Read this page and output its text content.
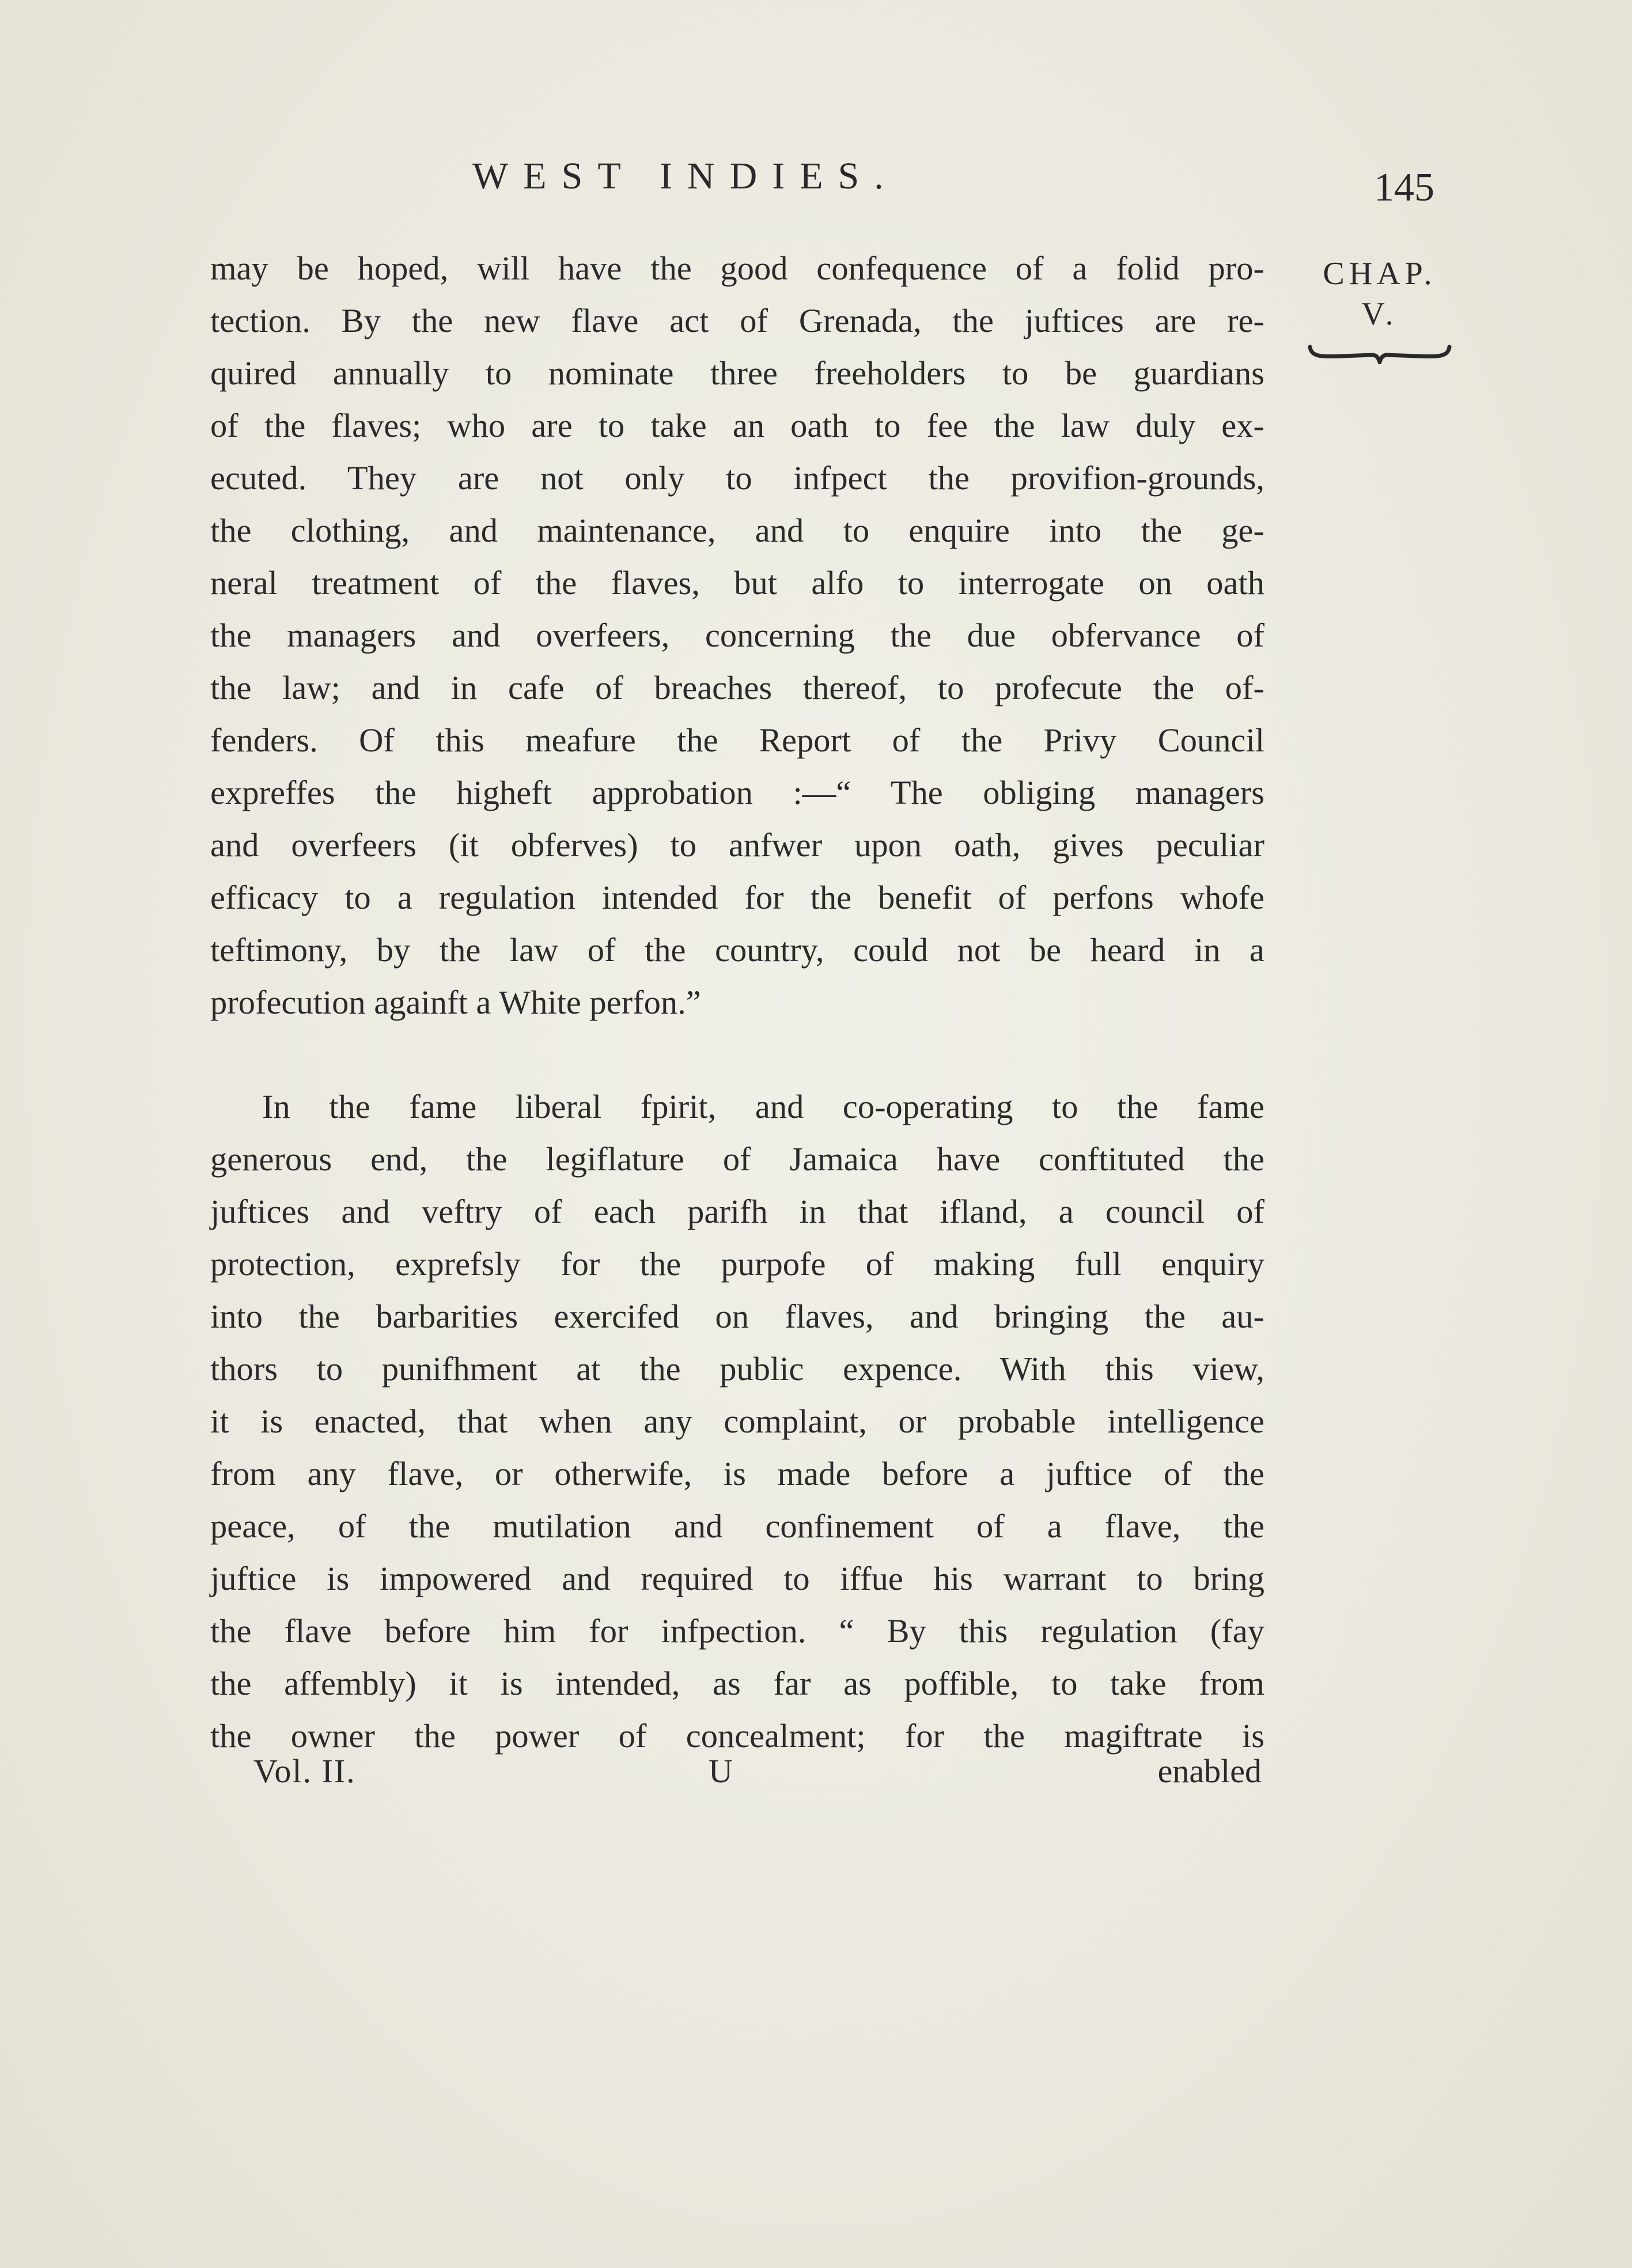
WEST INDIES.	145
CHAP.
V.
may be hoped, will have the good confequence of a folid pro-
tection. By the new flave act of Grenada, the juftices are re-
quired annually to nominate three freeholders to be guardians
of the flaves; who are to take an oath to fee the law duly ex-
ecuted. They are not only to infpect the provifion-grounds,
the clothing, and maintenance, and to enquire into the ge-
neral treatment of the flaves, but alfo to interrogate on oath
the managers and overfeers, concerning the due obfervance of
the law; and in cafe of breaches thereof, to profecute the of-
fenders. Of this meafure the Report of the Privy Council
expreffes the higheft approbation :—“ The obliging managers
and overfeers (it obferves) to anfwer upon oath, gives peculiar
efficacy to a regulation intended for the benefit of perfons whofe
teftimony, by the law of the country, could not be heard in a
profecution againft a White perfon.”
In the fame liberal fpirit, and co-operating to the fame
generous end, the legiflature of Jamaica have conftituted the
juftices and veftry of each parifh in that ifland, a council of
protection, exprefsly for the purpofe of making full enquiry
into the barbarities exercifed on flaves, and bringing the au-
thors to punifhment at the public expence. With this view,
it is enacted, that when any complaint, or probable intelligence
from any flave, or otherwife, is made before a juftice of the
peace, of the mutilation and confinement of a flave, the
juftice is impowered and required to iffue his warrant to bring
the flave before him for infpection. “ By this regulation (fay
the affembly) it is intended, as far as poffible, to take from
the owner the power of concealment; for the magiftrate is
Vol. II.	U	enabled
